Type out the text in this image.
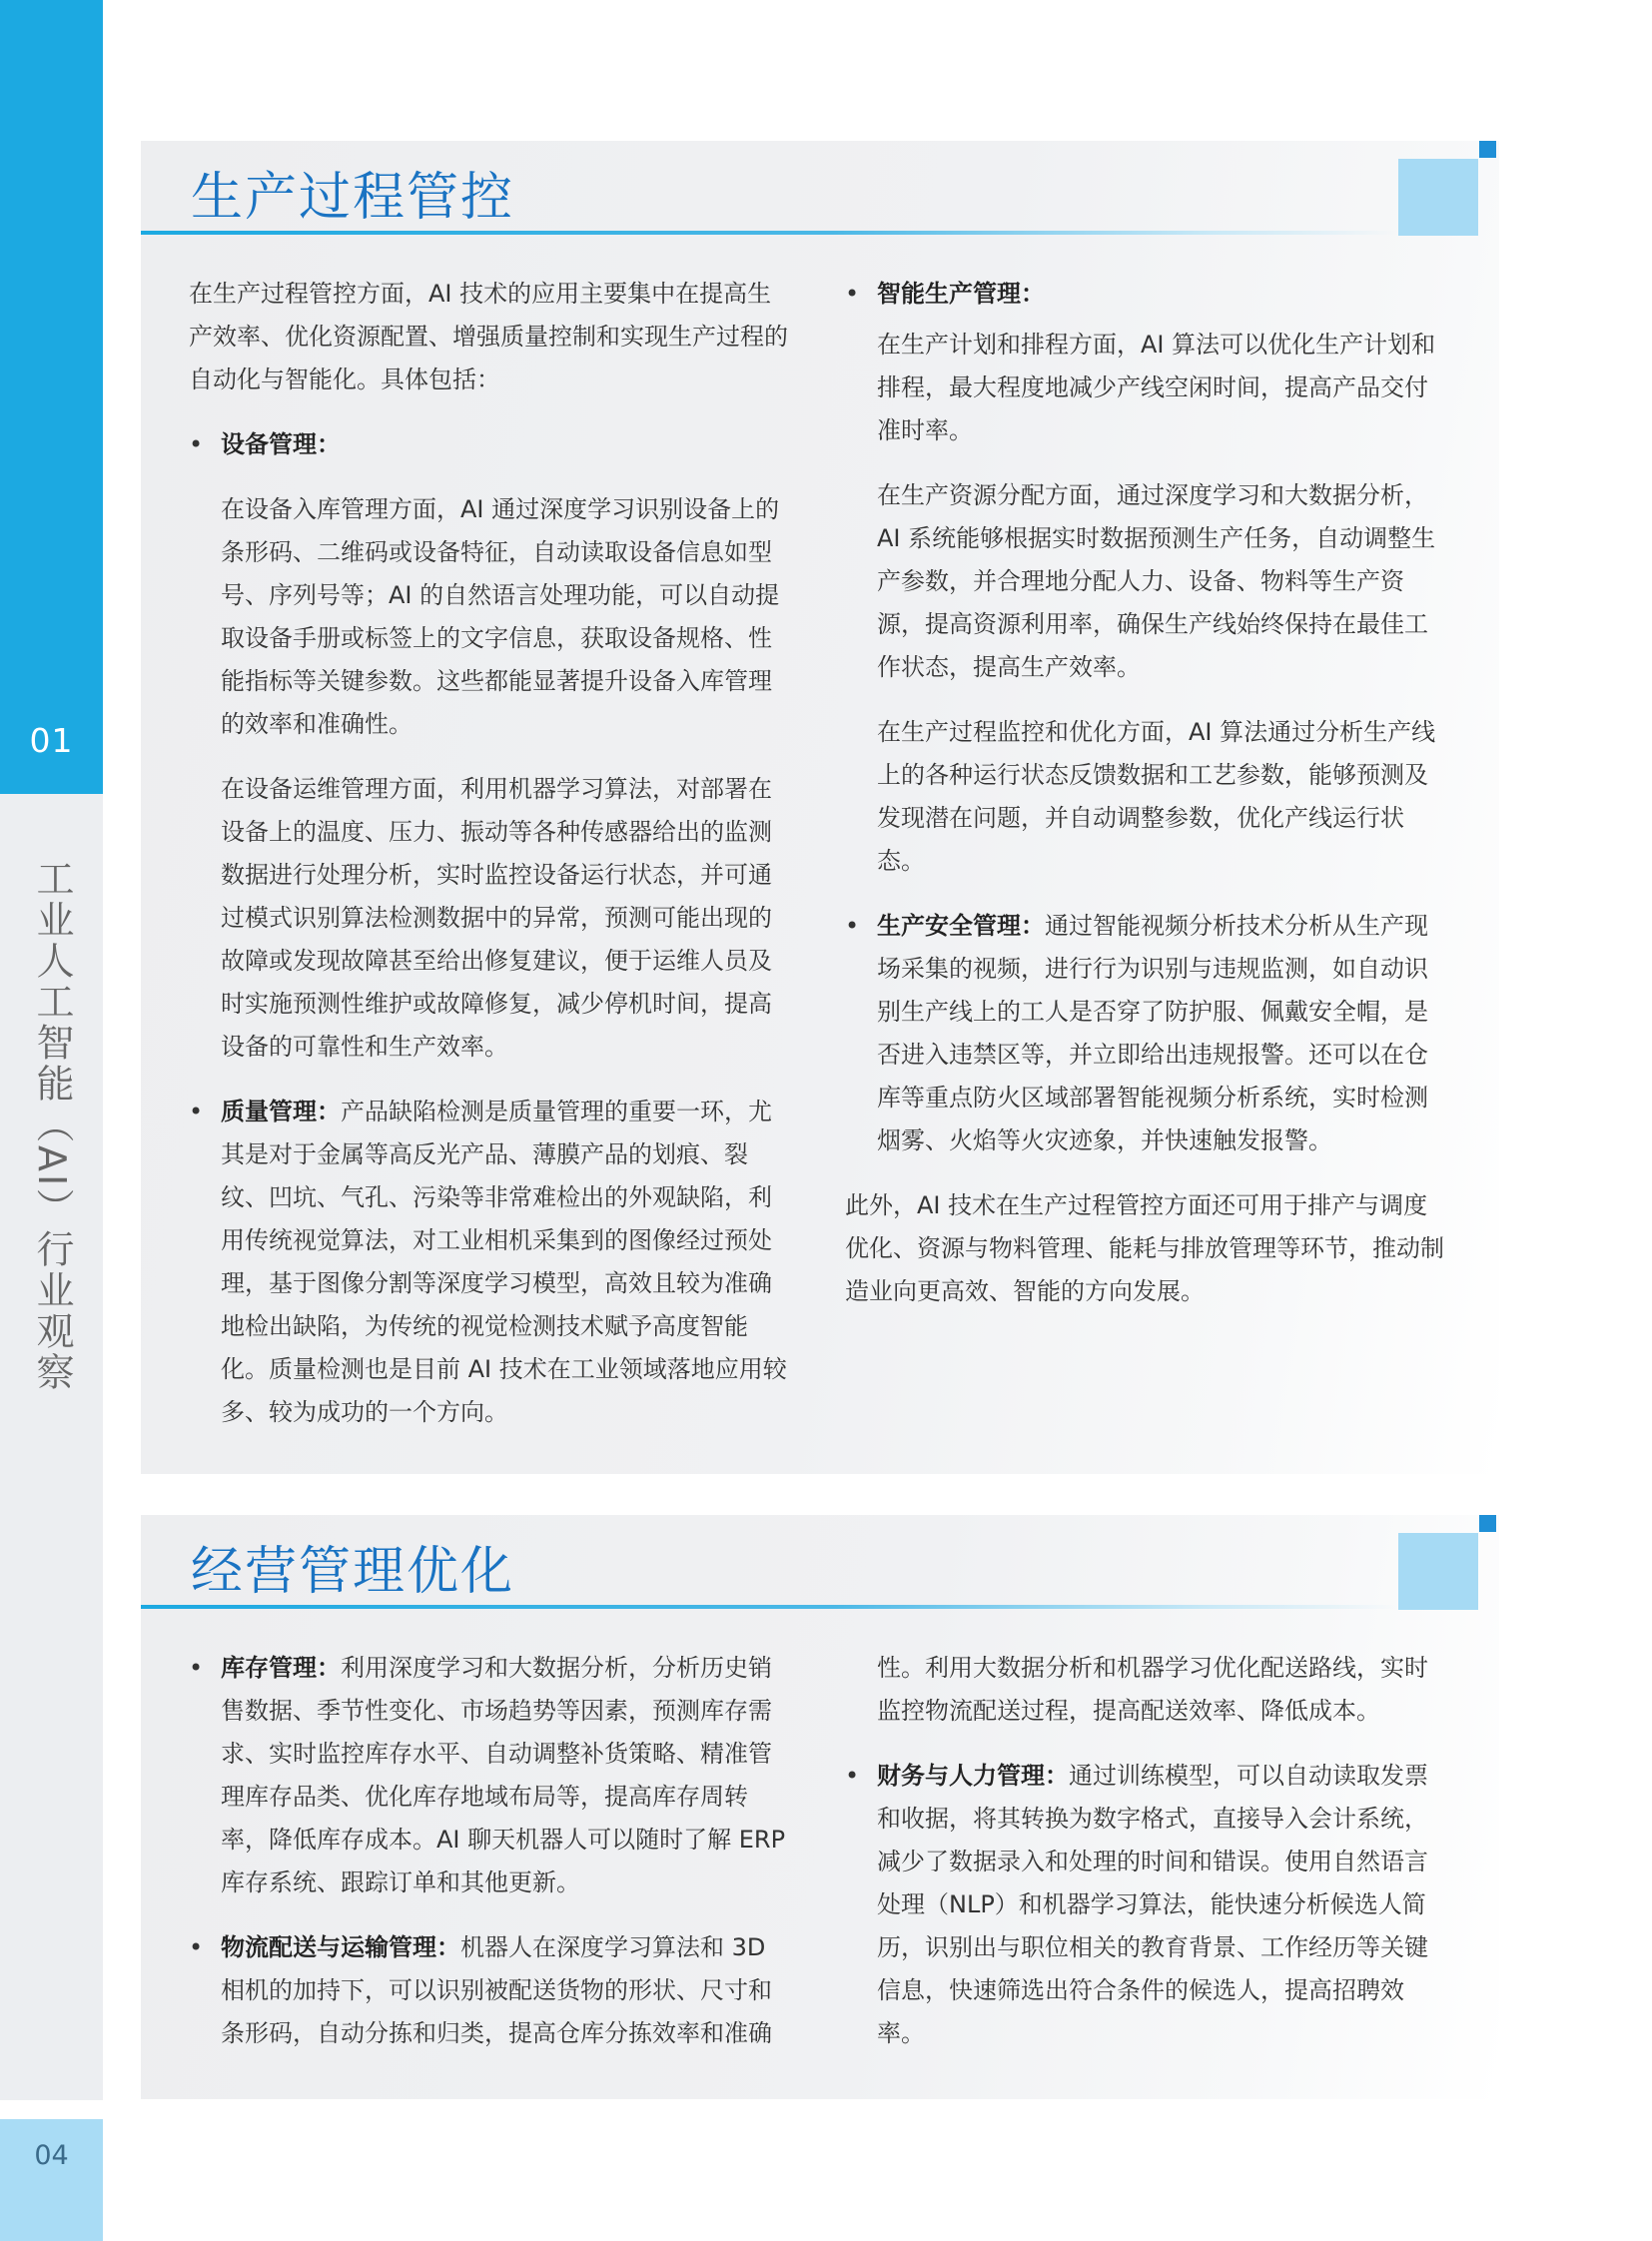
01
工业人工智能（AI）行业观察
04
生产过程管控

在生产过程管控方面，AI 技术的应用主要集中在提高生产效率、优化资源配置、增强质量控制和实现生产过程的自动化与智能化。具体包括：

• 设备管理：

在设备入库管理方面，AI 通过深度学习识别设备上的条形码、二维码或设备特征，自动读取设备信息如型号、序列号等；AI 的自然语言处理功能，可以自动提取设备手册或标签上的文字信息，获取设备规格、性能指标等关键参数。这些都能显著提升设备入库管理的效率和准确性。

在设备运维管理方面，利用机器学习算法，对部署在设备上的温度、压力、振动等各种传感器给出的监测数据进行处理分析，实时监控设备运行状态，并可通过模式识别算法检测数据中的异常，预测可能出现的故障或发现故障甚至给出修复建议，便于运维人员及时实施预测性维护或故障修复，减少停机时间，提高设备的可靠性和生产效率。

• 质量管理：产品缺陷检测是质量管理的重要一环，尤其是对于金属等高反光产品、薄膜产品的划痕、裂纹、凹坑、气孔、污染等非常难检出的外观缺陷，利用传统视觉算法，对工业相机采集到的图像经过预处理，基于图像分割等深度学习模型，高效且较为准确地检出缺陷，为传统的视觉检测技术赋予高度智能化。质量检测也是目前 AI 技术在工业领域落地应用较多、较为成功的一个方向。

• 智能生产管理：

在生产计划和排程方面，AI 算法可以优化生产计划和排程，最大程度地减少产线空闲时间，提高产品交付准时率。

在生产资源分配方面，通过深度学习和大数据分析，AI 系统能够根据实时数据预测生产任务，自动调整生产参数，并合理地分配人力、设备、物料等生产资源，提高资源利用率，确保生产线始终保持在最佳工作状态，提高生产效率。

在生产过程监控和优化方面，AI 算法通过分析生产线上的各种运行状态反馈数据和工艺参数，能够预测及发现潜在问题，并自动调整参数，优化产线运行状态。

• 生产安全管理：通过智能视频分析技术分析从生产现场采集的视频，进行行为识别与违规监测，如自动识别生产线上的工人是否穿了防护服、佩戴安全帽，是否进入违禁区等，并立即给出违规报警。还可以在仓库等重点防火区域部署智能视频分析系统，实时检测烟雾、火焰等火灾迹象，并快速触发报警。

此外，AI 技术在生产过程管控方面还可用于排产与调度优化、资源与物料管理、能耗与排放管理等环节，推动制造业向更高效、智能的方向发展。

经营管理优化
• 库存管理：利用深度学习和大数据分析，分析历史销售数据、季节性变化、市场趋势等因素，预测库存需求、实时监控库存水平、自动调整补货策略、精准管理库存品类、优化库存地域布局等，提高库存周转率，降低库存成本。AI 聊天机器人可以随时了解 ERP 库存系统、跟踪订单和其他更新。

• 物流配送与运输管理：机器人在深度学习算法和 3D 相机的加持下，可以识别被配送货物的形状、尺寸和条形码，自动分拣和归类，提高仓库分拣效率和准确

性。利用大数据分析和机器学习优化配送路线，实时监控物流配送过程，提高配送效率、降低成本。

• 财务与人力管理：通过训练模型，可以自动读取发票和收据，将其转换为数字格式，直接导入会计系统，减少了数据录入和处理的时间和错误。使用自然语言处理（NLP）和机器学习算法，能快速分析候选人简历，识别出与职位相关的教育背景、工作经历等关键信息，快速筛选出符合条件的候选人，提高招聘效率。
